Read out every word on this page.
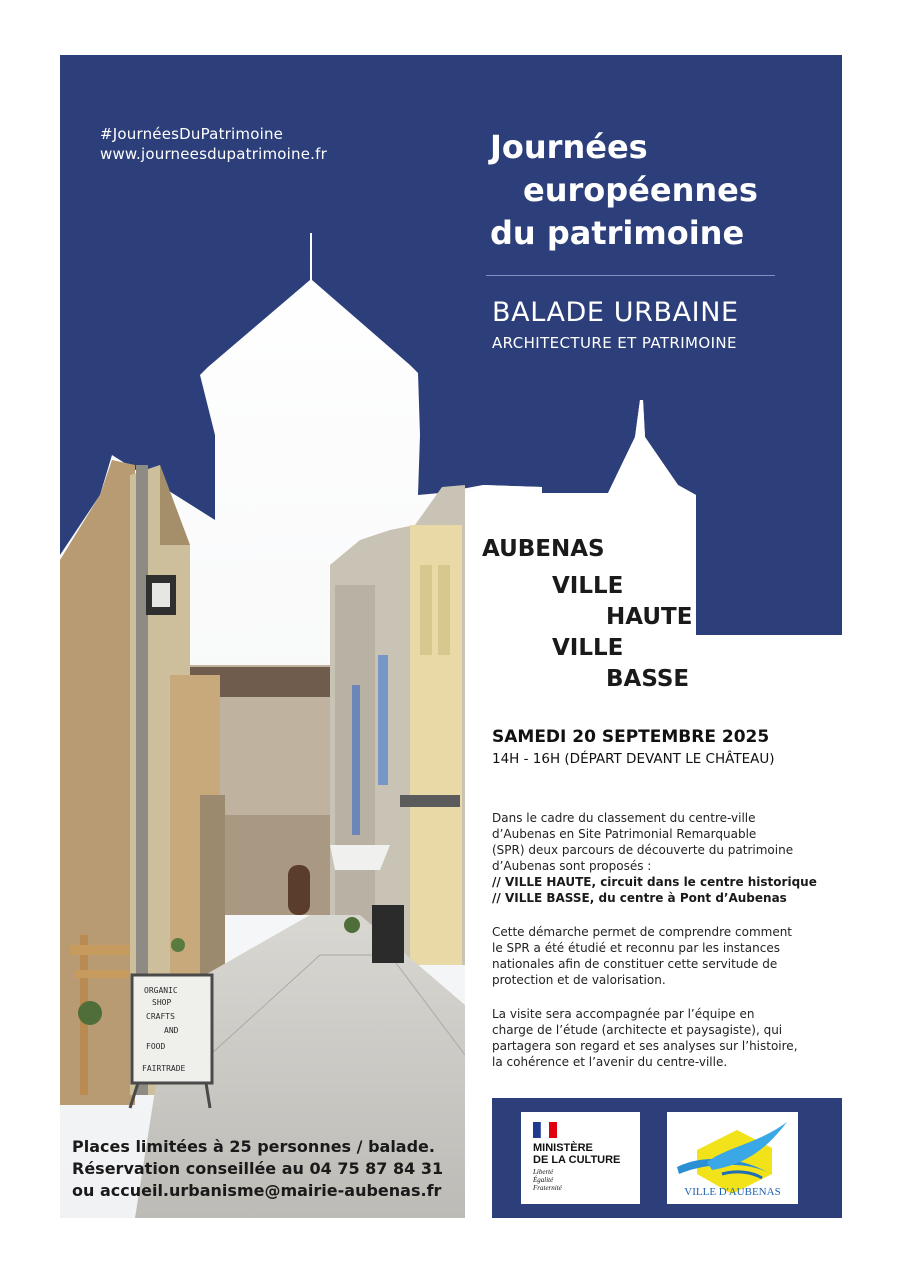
ORGANIC
SHOP
CRAFTS
AND
FOOD
FAIRTRADE
#JournéesDuPatrimoine
www.journeesdupatrimoine.fr	Journées

européennes
du patrimoine
BALADE URBAINE
ARCHITECTURE ET PATRIMOINE
AUBENAS
VILLE
HAUTE
VILLE
BASSE
SAMEDI 20 SEPTEMBRE 2025
14H - 16H (DÉPART DEVANT LE CHÂTEAU)
Dans le cadre du classement du centre-ville
d’Aubenas en Site Patrimonial Remarquable
(SPR) deux parcours de découverte du patrimoine
d’Aubenas sont proposés :
// VILLE HAUTE, circuit dans le centre historique
// VILLE BASSE, du centre à Pont d’Aubenas
Cette démarche permet de comprendre comment
le SPR a été étudié et reconnu par les instances
nationales afin de constituer cette servitude de
protection et de valorisation.
La visite sera accompagnée par l’équipe en
charge de l’étude (architecte et paysagiste), qui
partagera son regard et ses analyses sur l’histoire,
la cohérence et l’avenir du centre-ville.
Places limitées à 25 personnes / balade.
Réservation conseillée au 04 75 87 84 31
ou accueil.urbanisme@mairie-aubenas.fr
MINISTÈRE
DE LA CULTURE
Liberté
Égalité
Fraternité	VILLE D'AUBENAS
